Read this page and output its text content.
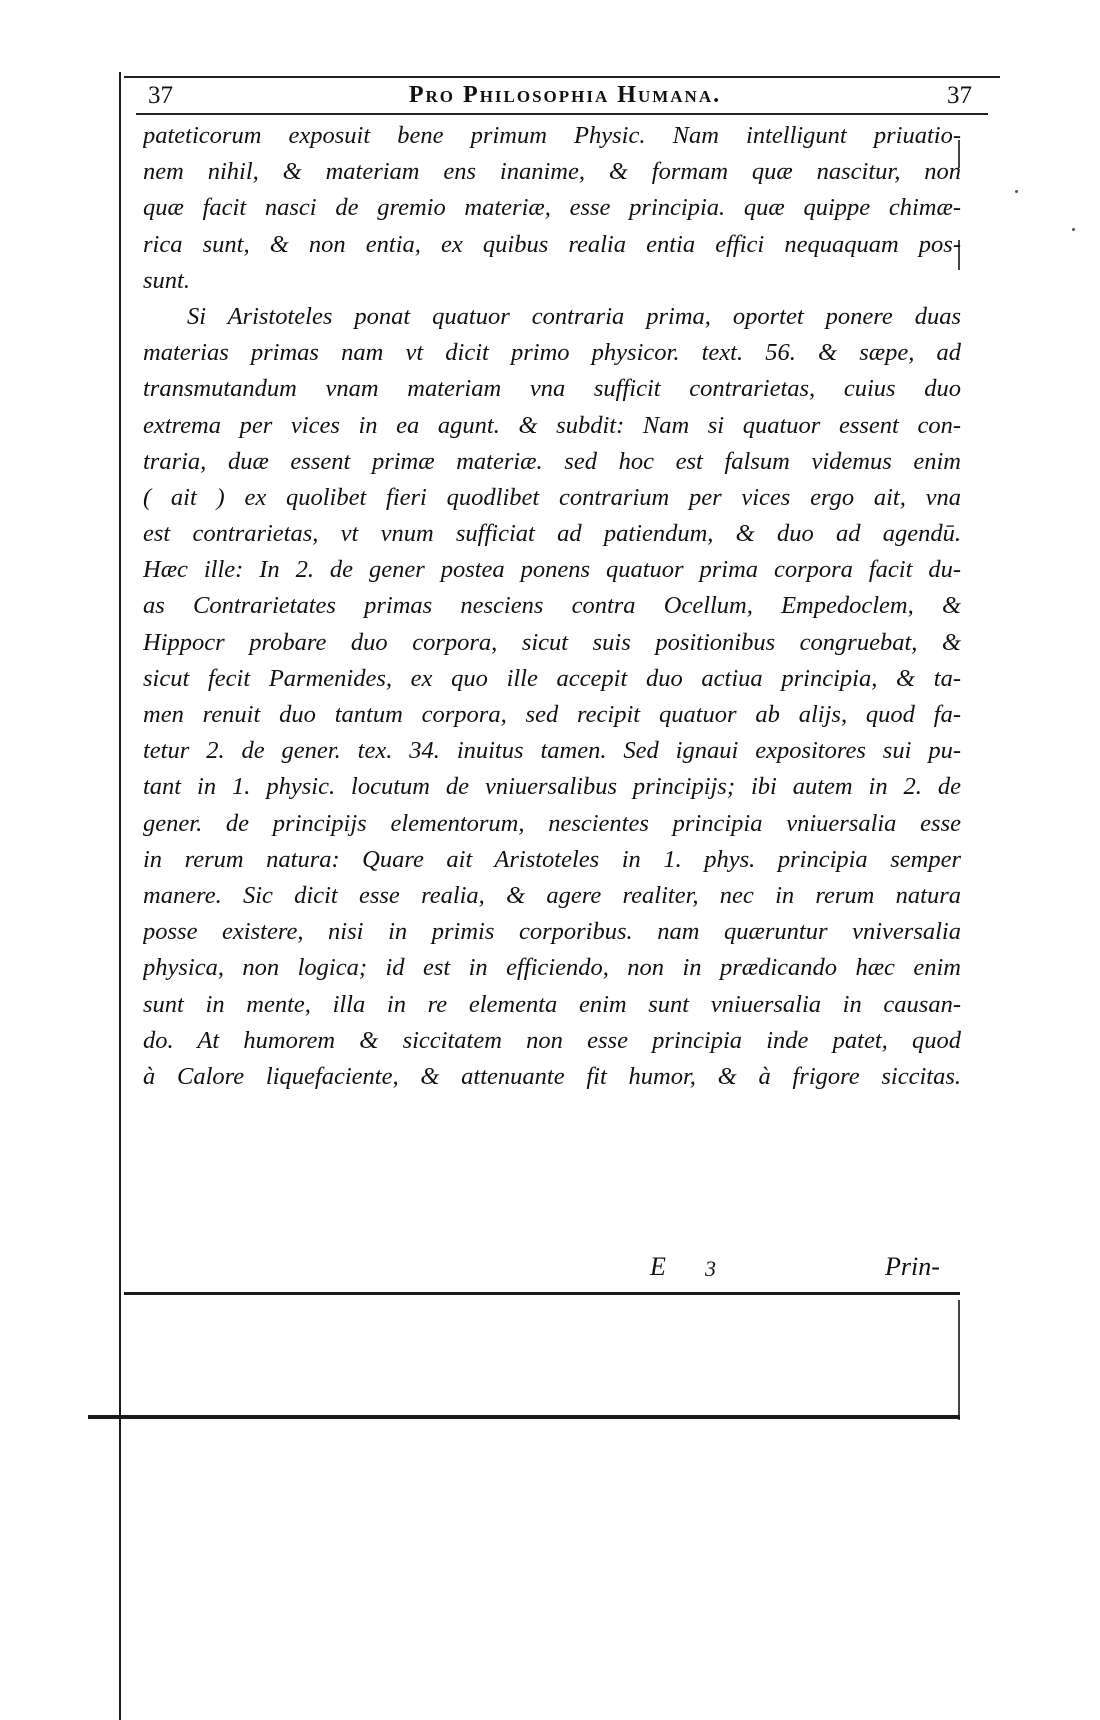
37	Pro Philosophia Humana.	37
pateticorum exposuit bene primum Physic. Nam intelligunt priuatio-
nem nihil, & materiam ens inanime, & formam quæ nascitur, non
quæ facit nasci de gremio materiæ, esse principia. quæ quippe chimæ-
rica sunt, & non entia, ex quibus realia entia effici nequaquam pos-
sunt.
Si Aristoteles ponat quatuor contraria prima, oportet ponere duas
materias primas nam vt dicit primo physicor. text. 56. & sæpe, ad
transmutandum vnam materiam vna sufficit contrarietas, cuius duo
extrema per vices in ea agunt. & subdit: Nam si quatuor essent con-
traria, duæ essent primæ materiæ. sed hoc est falsum videmus enim
( ait ) ex quolibet fieri quodlibet contrarium per vices ergo ait, vna
est contrarietas, vt vnum sufficiat ad patiendum, & duo ad agendū.
Hæc ille: In 2. de gener postea ponens quatuor prima corpora facit du-
as Contrarietates primas nesciens contra Ocellum, Empedoclem, &
Hippocr probare duo corpora, sicut suis positionibus congruebat, &
sicut fecit Parmenides, ex quo ille accepit duo actiua principia, & ta-
men renuit duo tantum corpora, sed recipit quatuor ab alijs, quod fa-
tetur 2. de gener. tex. 34. inuitus tamen. Sed ignaui expositores sui pu-
tant in 1. physic. locutum de vniuersalibus principijs; ibi autem in 2. de
gener. de principijs elementorum, nescientes principia vniuersalia esse
in rerum natura: Quare ait Aristoteles in 1. phys. principia semper
manere. Sic dicit esse realia, & agere realiter, nec in rerum natura
posse existere, nisi in primis corporibus. nam quæruntur vniversalia
physica, non logica; id est in efficiendo, non in prædicando hæc enim
sunt in mente, illa in re elementa enim sunt vniuersalia in causan-
do. At humorem & siccitatem non esse principia inde patet, quod
à Calore liquefaciente, & attenuante fit humor, & à frigore siccitas.
E 3	Prin-
